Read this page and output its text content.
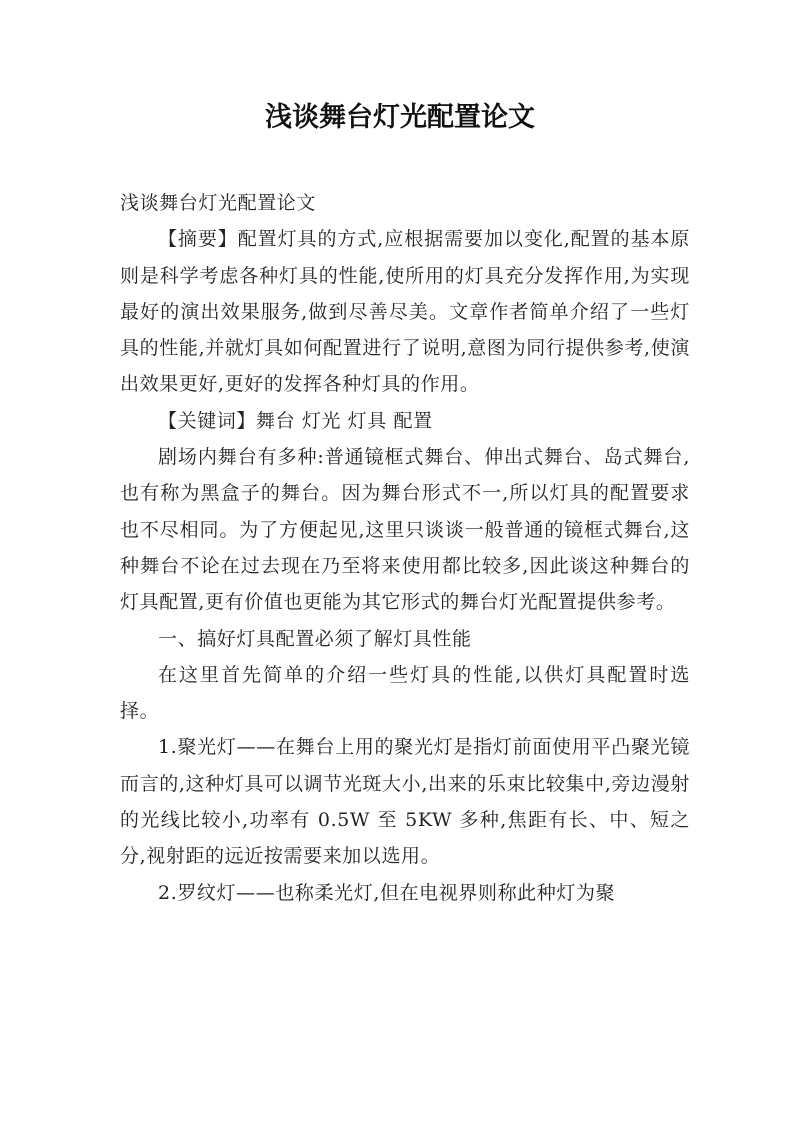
浅谈舞台灯光配置论文

浅谈舞台灯光配置论文

【摘要】配置灯具的方式,应根据需要加以变化,配置的基本原则是科学考虑各种灯具的性能,使所用的灯具充分发挥作用,为实现最好的演出效果服务,做到尽善尽美。文章作者简单介绍了一些灯具的性能,并就灯具如何配置进行了说明,意图为同行提供参考,使演出效果更好,更好的发挥各种灯具的作用。

【关键词】舞台 灯光 灯具 配置

剧场内舞台有多种:普通镜框式舞台、伸出式舞台、岛式舞台,也有称为黑盒子的舞台。因为舞台形式不一,所以灯具的配置要求也不尽相同。为了方便起见,这里只谈谈一般普通的镜框式舞台,这种舞台不论在过去现在乃至将来使用都比较多,因此谈这种舞台的灯具配置,更有价值也更能为其它形式的舞台灯光配置提供参考。

一、搞好灯具配置必须了解灯具性能

在这里首先简单的介绍一些灯具的性能,以供灯具配置时选择。

1.聚光灯——在舞台上用的聚光灯是指灯前面使用平凸聚光镜而言的,这种灯具可以调节光斑大小,出来的乐束比较集中,旁边漫射的光线比较小,功率有 0.5W 至 5KW 多种,焦距有长、中、短之分,视射距的远近按需要来加以选用。

2.罗纹灯——也称柔光灯,但在电视界则称此种灯为聚
